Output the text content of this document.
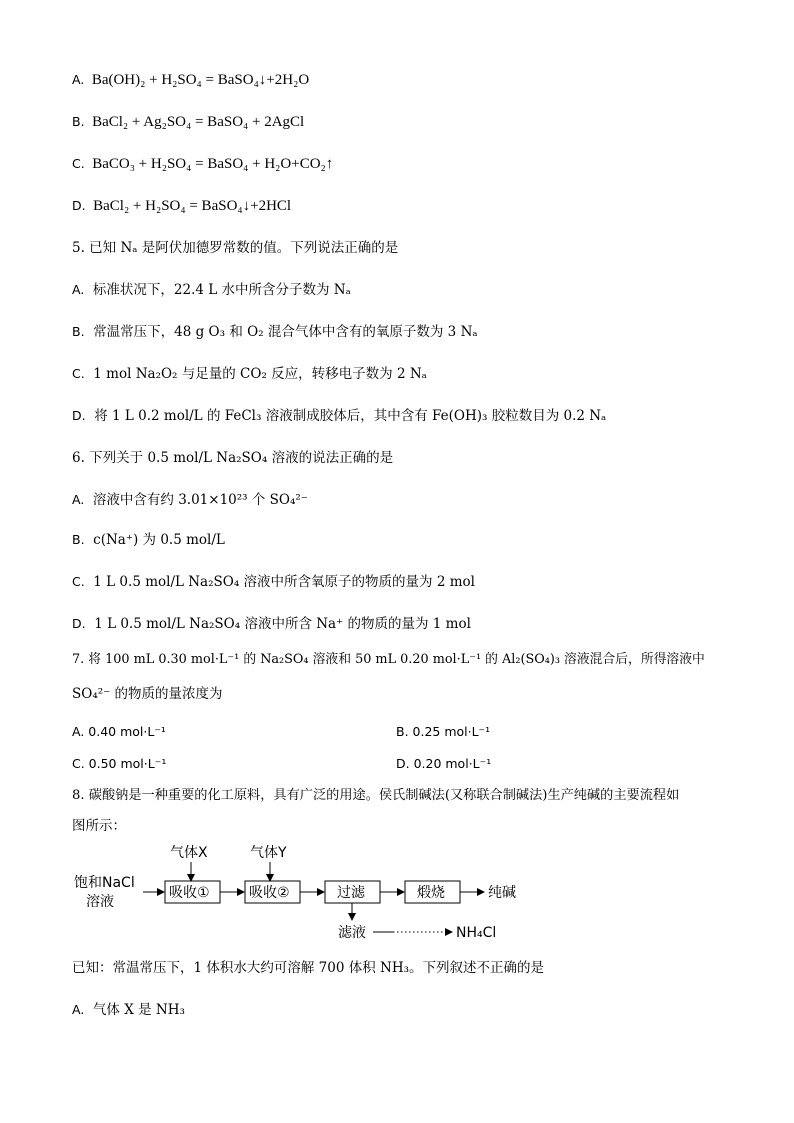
A. Ba(OH)₂ + H₂SO₄ = BaSO₄↓+2H₂O
B. BaCl₂ + Ag₂SO₄ = BaSO₄ + 2AgCl
C. BaCO₃ + H₂SO₄ = BaSO₄ + H₂O+CO₂↑
D. BaCl₂ + H₂SO₄ = BaSO₄↓+2HCl
5. 已知 Nₐ 是阿伏加德罗常数的值。下列说法正确的是
A. 标准状况下，22.4 L 水中所含分子数为 Nₐ
B. 常温常压下，48 g O₃ 和 O₂ 混合气体中含有的氧原子数为 3 Nₐ
C. 1 mol Na₂O₂ 与足量的 CO₂ 反应，转移电子数为 2 Nₐ
D. 将 1 L 0.2 mol/L 的 FeCl₃ 溶液制成胶体后，其中含有 Fe(OH)₃ 胶粒数目为 0.2 Nₐ
6. 下列关于 0.5 mol/L Na₂SO₄ 溶液的说法正确的是
A. 溶液中含有约 3.01×10²³ 个 SO₄²⁻
B. c(Na⁺) 为 0.5 mol/L
C. 1 L 0.5 mol/L Na₂SO₄ 溶液中所含氧原子的物质的量为 2 mol
D. 1 L 0.5 mol/L Na₂SO₄ 溶液中所含 Na⁺ 的物质的量为 1 mol
7. 将 100 mL 0.30 mol·L⁻¹ 的 Na₂SO₄ 溶液和 50 mL 0.20 mol·L⁻¹ 的 Al₂(SO₄)₃ 溶液混合后，所得溶液中
SO₄²⁻ 的物质的量浓度为
A. 0.40 mol·L⁻¹	B. 0.25 mol·L⁻¹
C. 0.50 mol·L⁻¹	D. 0.20 mol·L⁻¹
8. 碳酸钠是一种重要的化工原料，具有广泛的用途。侯氏制碱法(又称联合制碱法)生产纯碱的主要流程如
图所示：
饱和NaCl
溶液
气体X
吸收①
气体Y
吸收②	过滤	煅烧	纯碱
滤液	NH₄Cl
已知：常温常压下，1 体积水大约可溶解 700 体积 NH₃。下列叙述不正确的是
A. 气体 X 是 NH₃
